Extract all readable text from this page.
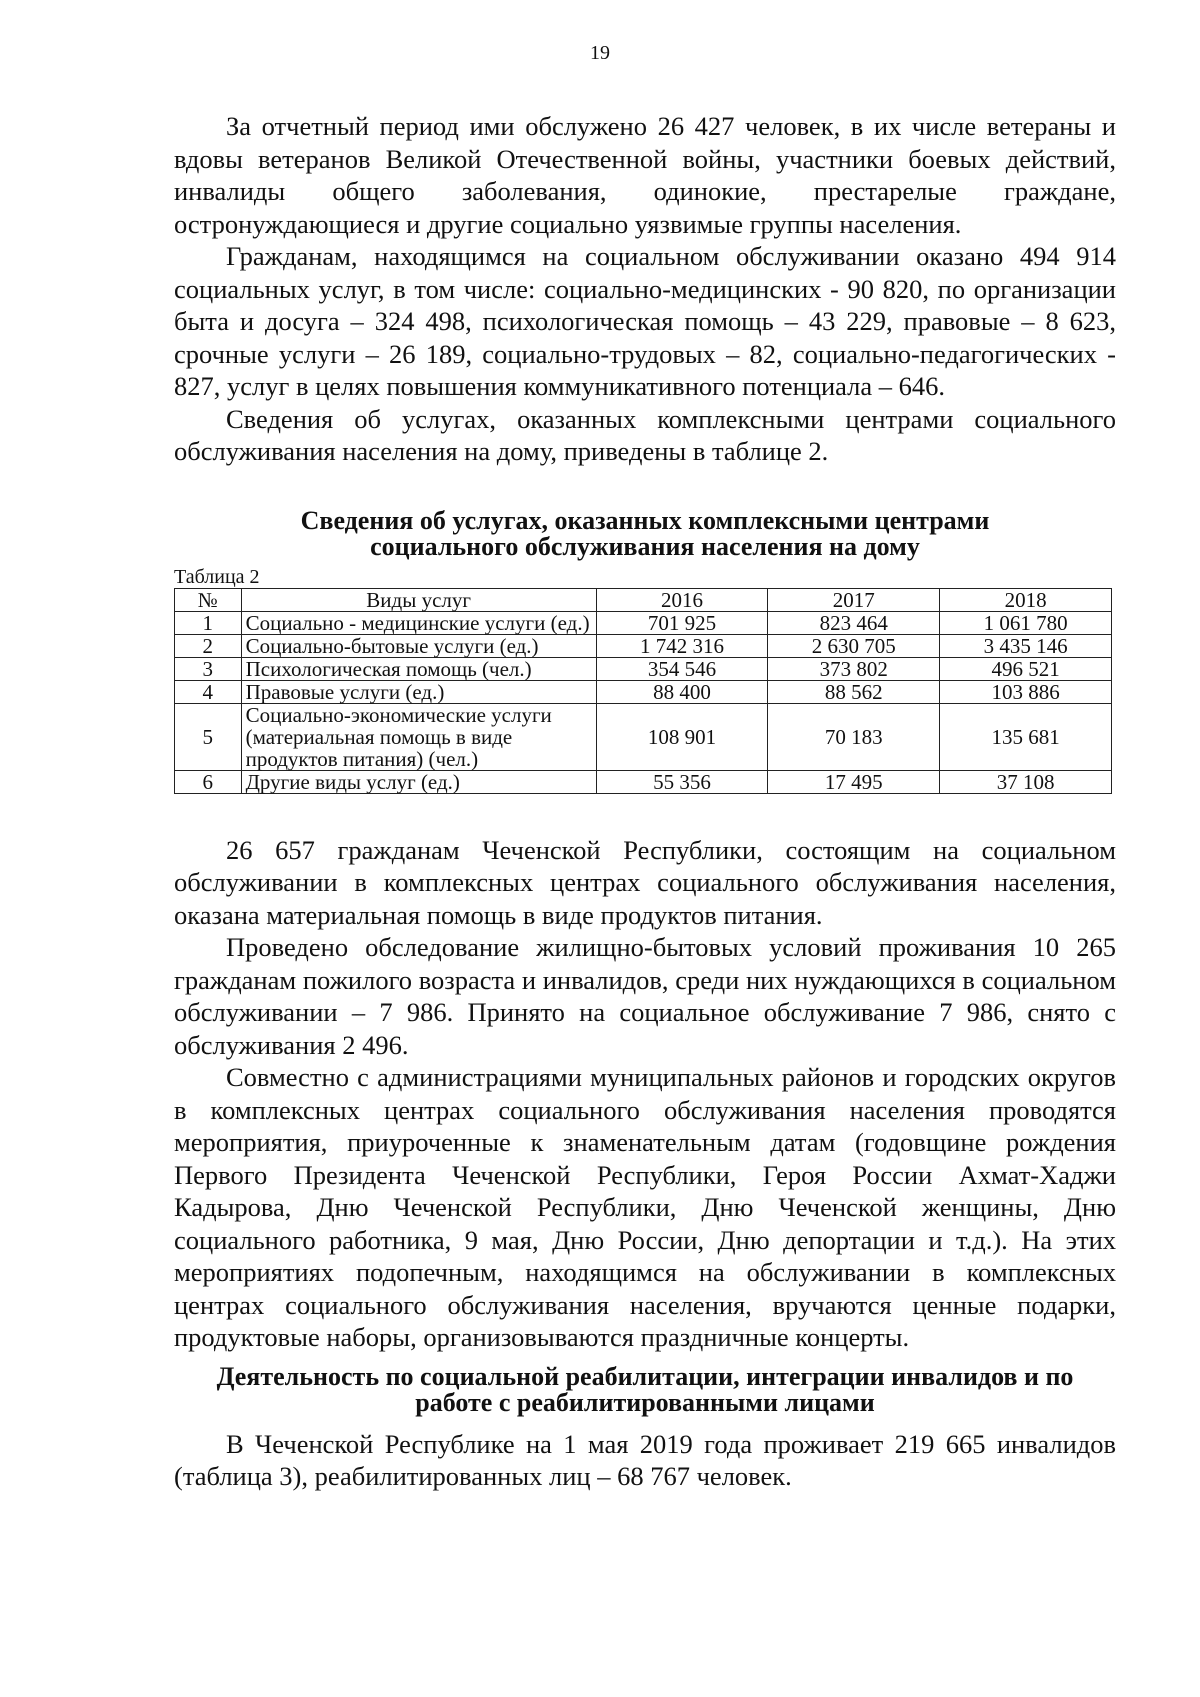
19

За отчетный период ими обслужено 26 427 человек, в их числе ветераны и вдовы ветеранов Великой Отечественной войны, участники боевых действий, инвалиды общего заболевания, одинокие, престарелые граждане, остронуждающиеся и другие социально уязвимые группы населения.

Гражданам, находящимся на социальном обслуживании оказано 494 914 социальных услуг, в том числе: социально-медицинских - 90 820, по организации быта и досуга – 324 498, психологическая помощь – 43 229, правовые – 8 623, срочные услуги – 26 189, социально-трудовых – 82, социально-педагогических - 827, услуг в целях повышения коммуникативного потенциала – 646.

Сведения об услугах, оказанных комплексными центрами социального обслуживания населения на дому, приведены в таблице 2.

Сведения об услугах, оказанных комплексными центрами

социального обслуживания населения на дому

Таблица 2
№	Виды услуг	2016	2017	2018
1	Социально - медицинские услуги (ед.)	701 925	823 464	1 061 780
2	Социально-бытовые услуги (ед.)	1 742 316	2 630 705	3 435 146
3	Психологическая помощь (чел.)	354 546	373 802	496 521
4	Правовые услуги (ед.)	88 400	88 562	103 886
5	Социально-экономические услуги (материальная помощь в виде продуктов питания) (чел.)	108 901	70 183	135 681
6	Другие виды услуг (ед.)	55 356	17 495	37 108

26 657 гражданам Чеченской Республики, состоящим на социальном обслуживании в комплексных центрах социального обслуживания населения, оказана материальная помощь в виде продуктов питания.

Проведено обследование жилищно-бытовых условий проживания 10 265 гражданам пожилого возраста и инвалидов, среди них нуждающихся в социальном обслуживании – 7 986. Принято на социальное обслуживание 7 986, снято с обслуживания 2 496.

Совместно с администрациями муниципальных районов и городских округов в комплексных центрах социального обслуживания населения проводятся мероприятия, приуроченные к знаменательным датам (годовщине рождения Первого Президента Чеченской Республики, Героя России Ахмат-Хаджи Кадырова, Дню Чеченской Республики, Дню Чеченской женщины, Дню социального работника, 9 мая, Дню России, Дню депортации и т.д.). На этих мероприятиях подопечным, находящимся на обслуживании в комплексных центрах социального обслуживания населения, вручаются ценные подарки, продуктовые наборы, организовываются праздничные концерты.

Деятельность по социальной реабилитации, интеграции инвалидов и по

работе с реабилитированными лицами

В Чеченской Республике на 1 мая 2019 года проживает 219 665 инвалидов (таблица 3), реабилитированных лиц – 68 767 человек.
